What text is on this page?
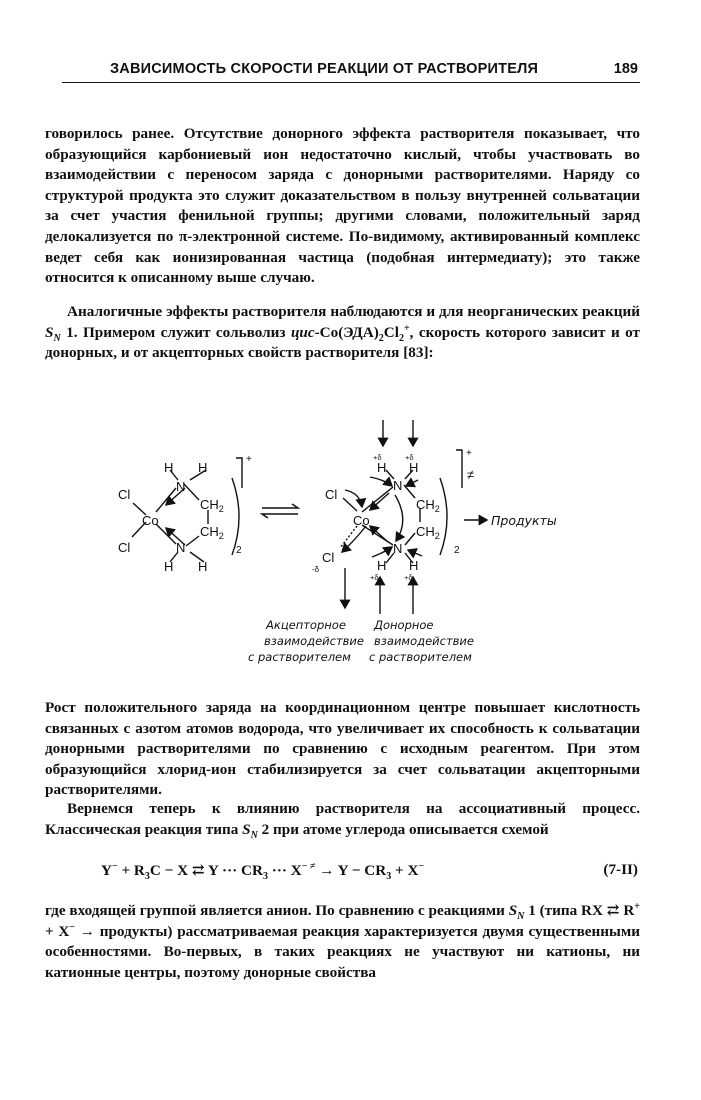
ЗАВИСИМОСТЬ СКОРОСТИ РЕАКЦИИ ОТ РАСТВОРИТЕЛЯ	189

говорилось ранее. Отсутствие донорного эффекта растворителя показывает, что образующийся карбониевый ион недостаточно кислый, чтобы участвовать во взаимодействии с переносом заряда с донорными растворителями. Наряду со структурой продукта это служит доказательством в пользу внутренней сольватации за счет участия фенильной группы; другими словами, положительный заряд делокализуется по π-электронной системе. По-видимому, активированный комплекс ведет себя как ионизированная частица (подобная интермедиату); это также относится к описанному выше случаю.

Аналогичные эффекты растворителя наблюдаются и для неорганических реакций $S_N$ 1. Примером служит сольволиз цис-$Co(ЭДА)_2Cl_2^+$, скорость которого зависит и от донорных, и от акцепторных свойств растворителя [83]:

Cl
Cl
Co
N
N
H H
H H
$CH_2$
$CH_2$
+
2
Cl
Co
Cl
-δ
N
N
H H
H H
+δ	+δ
+δ	+δ
$CH_2$
$CH_2$
+
≠
2
Продукты
Акцепторное
взаимодействие
с растворителем
Донорное
взаимодействие
с растворителем

Рост положительного заряда на координационном центре повышает кислотность связанных с азотом атомов водорода, что увеличивает их способность к сольватации донорными растворителями по сравнению с исходным реагентом. При этом образующийся хлорид-ион стабилизируется за счет сольватации акцепторными растворителями.

Вернемся теперь к влиянию растворителя на ассоциативный процесс. Классическая реакция типа $S_N$ 2 при атоме углерода описывается схемой

$Y^- + R_3C - X$ ⇄ Y ··· $CR_3$ ··· $X^{- \ne} \to Y - CR_3 + X^-$	(7-II)

где входящей группой является анион. По сравнению с реакциями $S_N$ 1 (типа RX ⇄ R+ + X− → продукты) рассматриваемая реакция характеризуется двумя существенными особенностями. Во-первых, в таких реакциях не участвуют ни катионы, ни катионные центры, поэтому донорные свойства
